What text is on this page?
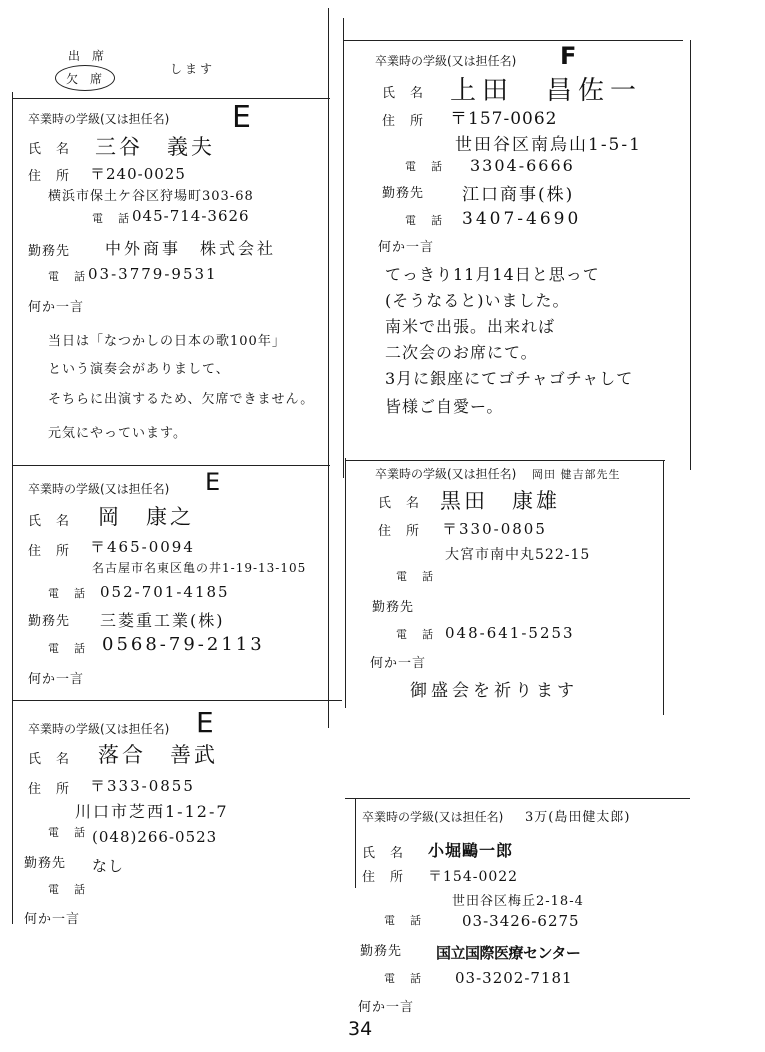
出　席
欠　席
します
卒業時の学級(又は担任名) E
氏　名 三谷　義夫
住　所 〒240-0025
横浜市保土ケ谷区狩場町303-68
電　話 045-714-3626
勤務先 中外商事　株式会社
電　話 03-3779-9531
何か一言
当日は「なつかしの日本の歌100年」
という演奏会がありまして、
そちらに出演するため、欠席できません。
元気にやっています。
卒業時の学級(又は担任名) E
氏　名 岡　康之
住　所 〒465-0094
名古屋市名東区亀の井1-19-13-105
電　話 052-701-4185
勤務先 三菱重工業(株)
電　話 0568-79-2113
何か一言
卒業時の学級(又は担任名) E
氏　名 落合　善武
住　所 〒333-0855
川口市芝西1-12-7
電　話 (048)266-0523
勤務先 なし
電　話
何か一言
卒業時の学級(又は担任名) F
氏　名 上田　昌佐一
住　所 〒157-0062
世田谷区南烏山1-5-1
電　話 3304-6666
勤務先 江口商事(株)
電　話 3407-4690
何か一言
てっきり11月14日と思って
(そうなると)いました。
南米で出張。出来れば
二次会のお席にて。
3月に銀座にてゴチャゴチャして
皆様ご自愛ー。
卒業時の学級(又は担任名) 岡田 健吉部先生
氏　名 黒田　康雄
住　所 〒330-0805
大宮市南中丸522-15
電　話
勤務先
電　話 048-641-5253
何か一言
御盛会を祈ります
卒業時の学級(又は担任名) 3万(島田健太郎)
氏　名 小堀鷗一郎
住　所 〒154-0022
世田谷区梅丘2-18-4
電　話	03-3426-6275
勤務先 国立国際医療センター
電　話 03-3202-7181
何か一言
34
